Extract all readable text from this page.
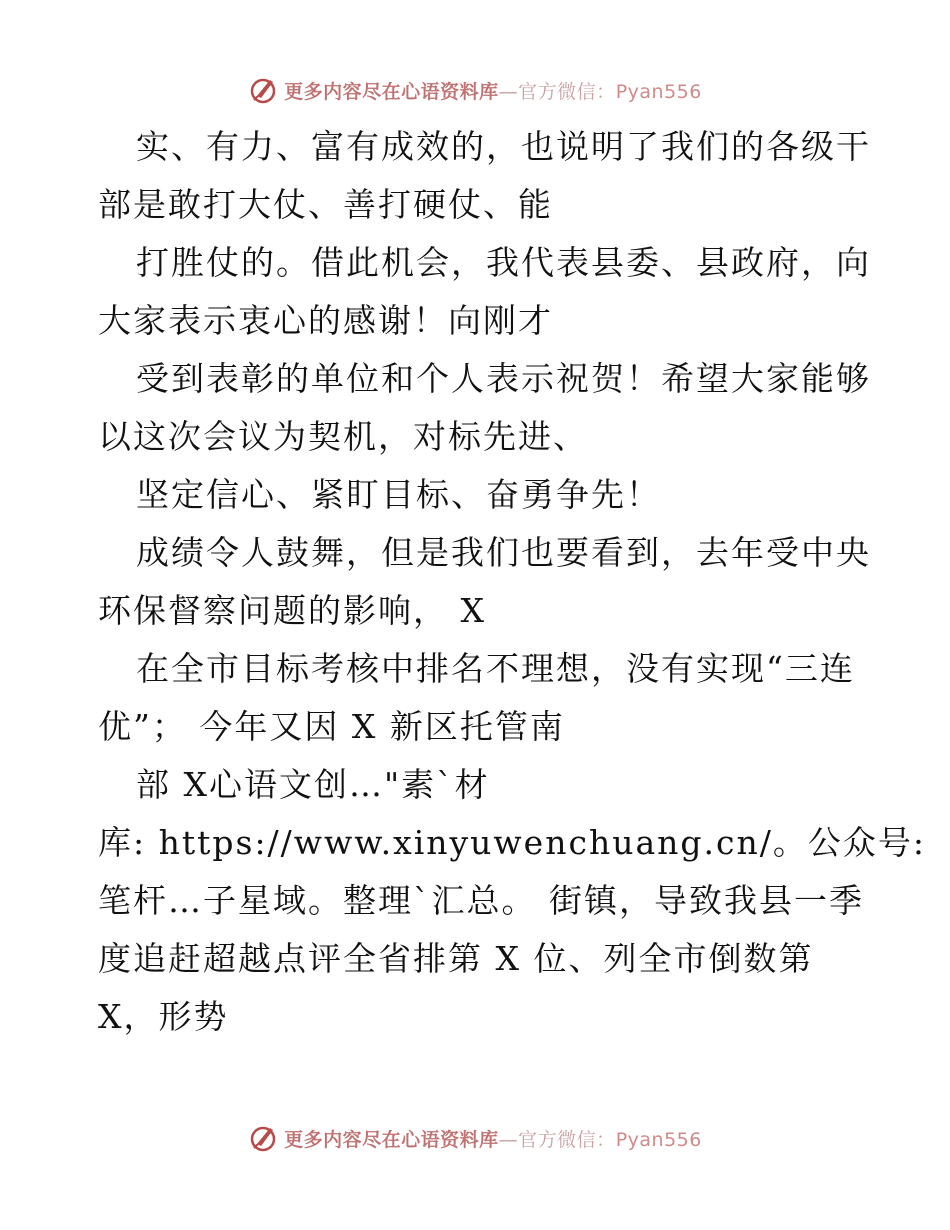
更多内容尽在心语资料库—官方微信：Pyan556
实、有力、富有成效的，也说明了我们的各级干
部是敢打大仗、善打硬仗、能
打胜仗的。借此机会，我代表县委、县政府，向
大家表示衷心的感谢！向刚才
受到表彰的单位和个人表示祝贺！希望大家能够
以这次会议为契机，对标先进、
坚定信心、紧盯目标、奋勇争先！
成绩令人鼓舞，但是我们也要看到，去年受中央
环保督察问题的影响， X
在全市目标考核中排名不理想，没有实现“三连
优”； 今年又因 X 新区托管南
部 X心语文创…"素`材
库: https://www.xinyuwenchuang.cn/。公众号:
笔杆…子星域。整理`汇总。 街镇，导致我县一季
度追赶超越点评全省排第 X 位、列全市倒数第
X，形势
更多内容尽在心语资料库—官方微信：Pyan556
